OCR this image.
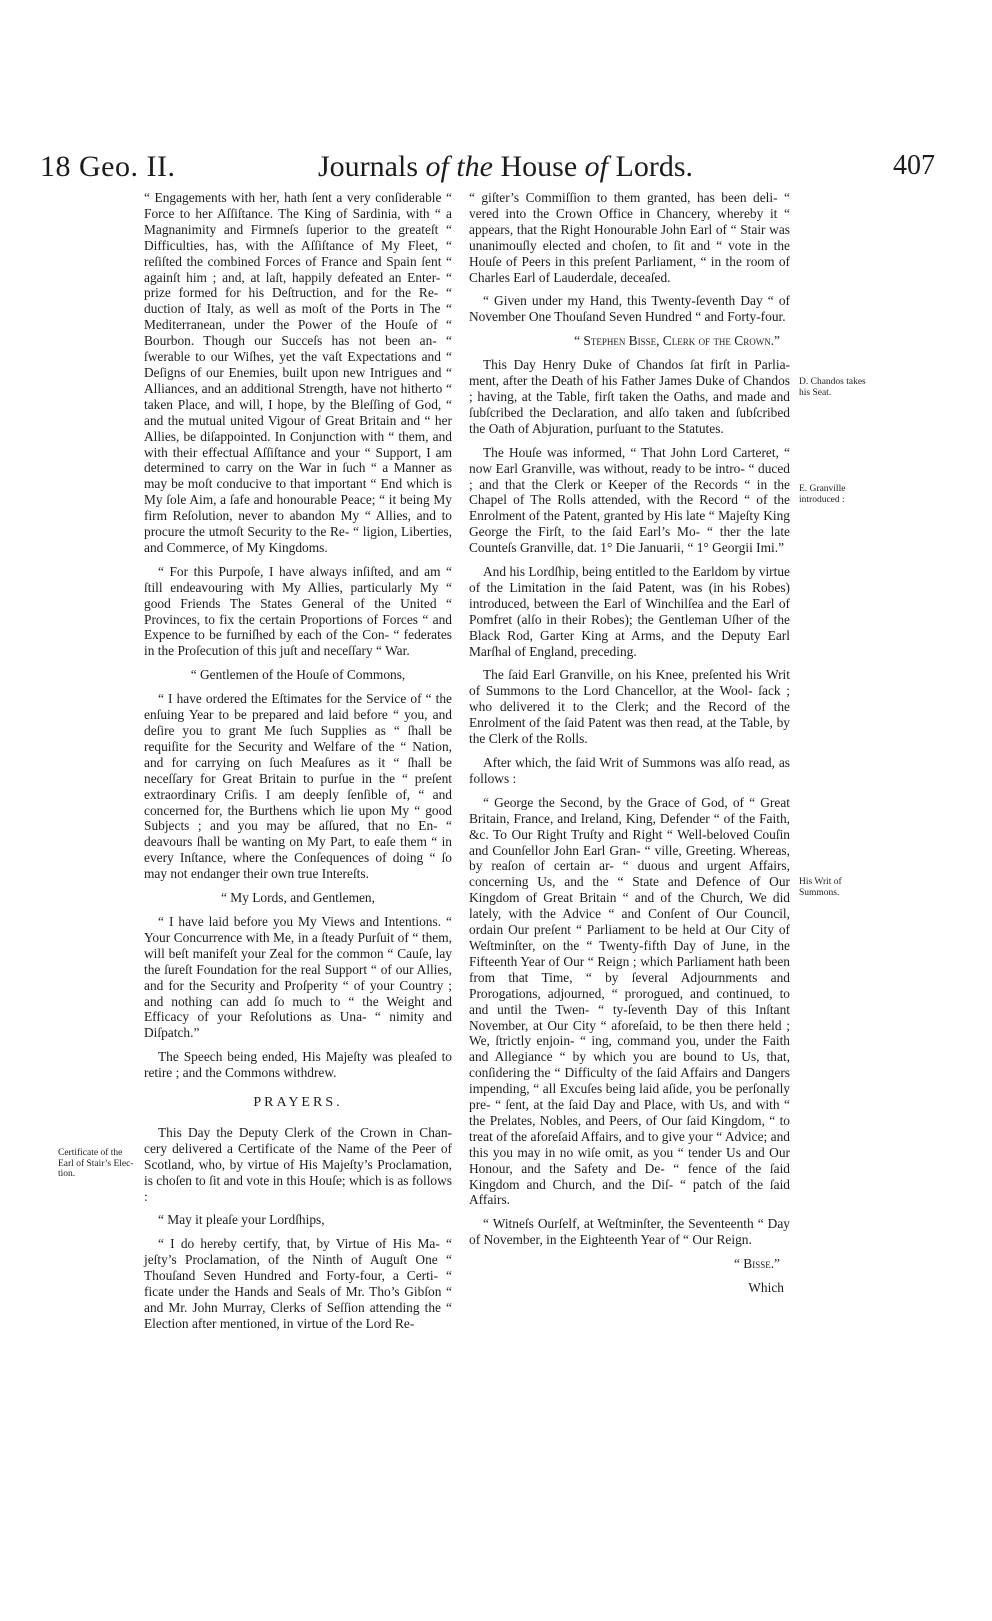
18 Geo. II.	Journals of the House of Lords.	407

“ Engagements with her, hath ſent a very conſiderable “ Force to her Aſſiſtance. The King of Sardinia, with “ a Magnanimity and Firmneſs ſuperior to the greateſt “ Difficulties, has, with the Aſſiſtance of My Fleet, “ reſiſted the combined Forces of France and Spain ſent “ againſt him ; and, at laſt, happily defeated an Enter- “ prize formed for his Deſtruction, and for the Re- “ duction of Italy, as well as moſt of the Ports in The “ Mediterranean, under the Power of the Houſe of “ Bourbon. Though our Succeſs has not been an- “ ſwerable to our Wiſhes, yet the vaſt Expectations and “ Deſigns of our Enemies, built upon new Intrigues and “ Alliances, and an additional Strength, have not hitherto “ taken Place, and will, I hope, by the Bleſſing of God, “ and the mutual united Vigour of Great Britain and “ her Allies, be diſappointed. In Conjunction with “ them, and with their effectual Aſſiſtance and your “ Support, I am determined to carry on the War in ſuch “ a Manner as may be moſt conducive to that important “ End which is My ſole Aim, a ſafe and honourable Peace; “ it being My firm Reſolution, never to abandon My “ Allies, and to procure the utmoſt Security to the Re- “ ligion, Liberties, and Commerce, of My Kingdoms.

“ For this Purpoſe, I have always inſiſted, and am “ ſtill endeavouring with My Allies, particularly My “ good Friends The States General of the United “ Provinces, to fix the certain Proportions of Forces “ and Expence to be furniſhed by each of the Con- “ federates in the Proſecution of this juſt and neceſſary “ War.

“ Gentlemen of the Houſe of Commons,

“ I have ordered the Eſtimates for the Service of “ the enſuing Year to be prepared and laid before “ you, and deſire you to grant Me ſuch Supplies as “ ſhall be requiſite for the Security and Welfare of the “ Nation, and for carrying on ſuch Meaſures as it “ ſhall be neceſſary for Great Britain to purſue in the “ preſent extraordinary Criſis. I am deeply ſenſible of, “ and concerned for, the Burthens which lie upon My “ good Subjects ; and you may be aſſured, that no En- “ deavours ſhall be wanting on My Part, to eaſe them “ in every Inſtance, where the Conſequences of doing “ ſo may not endanger their own true Intereſts.

“ My Lords, and Gentlemen,

“ I have laid before you My Views and Intentions. “ Your Concurrence with Me, in a ſteady Purſuit of “ them, will beſt manifeſt your Zeal for the common “ Cauſe, lay the ſureſt Foundation for the real Support “ of our Allies, and for the Security and Proſperity “ of your Country ; and nothing can add ſo much to “ the Weight and Efficacy of your Reſolutions as Una- “ nimity and Diſpatch.”

The Speech being ended, His Majeſty was pleaſed to retire ; and the Commons withdrew.

PRAYERS.

This Day the Deputy Clerk of the Crown in Chan- cery delivered a Certificate of the Name of the Peer of Scotland, who, by virtue of His Majeſty’s Proclamation, is choſen to ſit and vote in this Houſe; which is as follows :

“ May it pleaſe your Lordſhips,

“ I do hereby certify, that, by Virtue of His Ma- “ jeſty’s Proclamation, of the Ninth of Auguſt One “ Thouſand Seven Hundred and Forty-four, a Certi- “ ficate under the Hands and Seals of Mr. Tho’s Gibſon “ and Mr. John Murray, Clerks of Seſſion attending the “ Election after mentioned, in virtue of the Lord Re-

“ giſter’s Commiſſion to them granted, has been deli- “ vered into the Crown Office in Chancery, whereby it “ appears, that the Right Honourable John Earl of “ Stair was unanimouſly elected and choſen, to ſit and “ vote in the Houſe of Peers in this preſent Parliament, “ in the room of Charles Earl of Lauderdale, deceaſed.

“ Given under my Hand, this Twenty-ſeventh Day “ of November One Thouſand Seven Hundred “ and Forty-four.

“ Stephen Bisse, Clerk of the Crown.”

This Day Henry Duke of Chandos ſat firſt in Parlia- ment, after the Death of his Father James Duke of Chandos ; having, at the Table, firſt taken the Oaths, and made and ſubſcribed the Declaration, and alſo taken and ſubſcribed the Oath of Abjuration, purſuant to the Statutes.

The Houſe was informed, “ That John Lord Carteret, “ now Earl Granville, was without, ready to be intro- “ duced ; and that the Clerk or Keeper of the Records “ in the Chapel of The Rolls attended, with the Record “ of the Enrolment of the Patent, granted by His late “ Majeſty King George the Firſt, to the ſaid Earl’s Mo- “ ther the late Counteſs Granville, dat. 1° Die Januarii, “ 1° Georgii Imi.”

And his Lordſhip, being entitled to the Earldom by virtue of the Limitation in the ſaid Patent, was (in his Robes) introduced, between the Earl of Winchilſea and the Earl of Pomfret (alſo in their Robes); the Gentleman Uſher of the Black Rod, Garter King at Arms, and the Deputy Earl Marſhal of England, preceding.

The ſaid Earl Granville, on his Knee, preſented his Writ of Summons to the Lord Chancellor, at the Wool- ſack ; who delivered it to the Clerk; and the Record of the Enrolment of the ſaid Patent was then read, at the Table, by the Clerk of the Rolls.

After which, the ſaid Writ of Summons was alſo read, as follows :

“ George the Second, by the Grace of God, of “ Great Britain, France, and Ireland, King, Defender “ of the Faith, &c. To Our Right Truſty and Right “ Well-beloved Couſin and Counſellor John Earl Gran- “ ville, Greeting. Whereas, by reaſon of certain ar- “ duous and urgent Affairs, concerning Us, and the “ State and Defence of Our Kingdom of Great Britain “ and of the Church, We did lately, with the Advice “ and Conſent of Our Council, ordain Our preſent “ Parliament to be held at Our City of Weſtminſter, on the “ Twenty-fifth Day of June, in the Fifteenth Year of Our “ Reign ; which Parliament hath been from that Time, “ by ſeveral Adjournments and Prorogations, adjourned, “ prorogued, and continued, to and until the Twen- “ ty-ſeventh Day of this Inſtant November, at Our City “ aforeſaid, to be then there held ; We, ſtrictly enjoin- “ ing, command you, under the Faith and Allegiance “ by which you are bound to Us, that, conſidering the “ Difficulty of the ſaid Affairs and Dangers impending, “ all Excuſes being laid aſide, you be perſonally pre- “ ſent, at the ſaid Day and Place, with Us, and with “ the Prelates, Nobles, and Peers, of Our ſaid Kingdom, “ to treat of the aforeſaid Affairs, and to give your “ Advice; and this you may in no wiſe omit, as you “ tender Us and Our Honour, and the Safety and De- “ fence of the ſaid Kingdom and Church, and the Diſ- “ patch of the ſaid Affairs.

“ Witneſs Ourſelf, at Weſtminſter, the Seventeenth “ Day of November, in the Eighteenth Year of “ Our Reign.

“ Bisse.”

Which

Certificate of the Earl of Stair’s Elec- tion.
D. Chandos takes his Seat.
E. Granville introduced :
His Writ of Summons.
